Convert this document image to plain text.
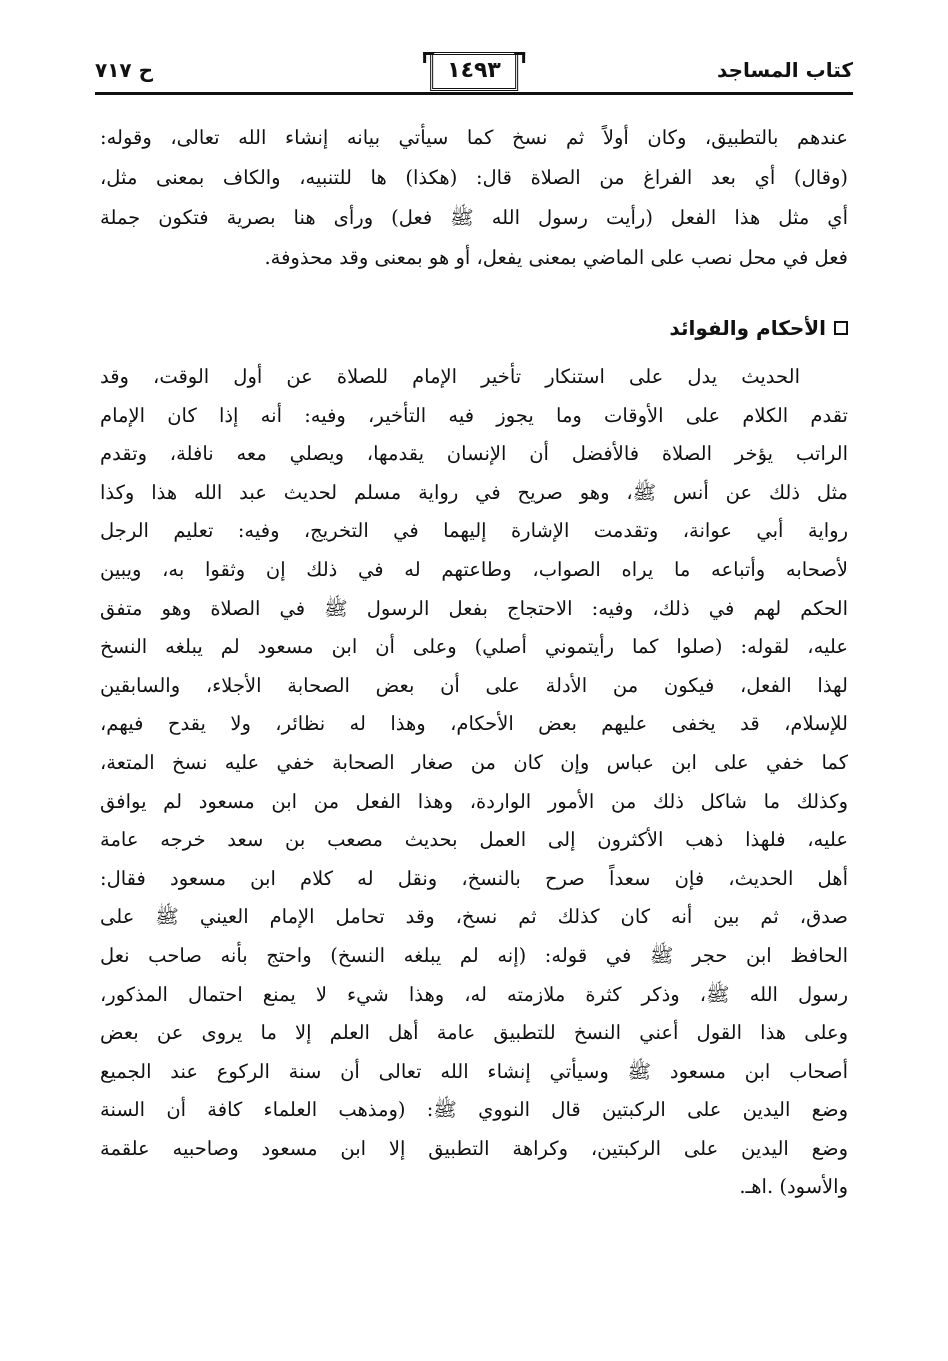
كتاب المساجد
١٤٩٣
ح ٧١٧
عندهم بالتطبيق، وكان أولاً ثم نسخ كما سيأتي بيانه إنشاء الله تعالى، وقوله:
(وقال) أي بعد الفراغ من الصلاة قال: (هكذا) ها للتنبيه، والكاف بمعنى مثل،
أي مثل هذا الفعل (رأيت رسول الله ﷺ فعل) ورأى هنا بصرية فتكون جملة
فعل في محل نصب على الماضي بمعنى يفعل، أو هو بمعنى وقد محذوفة.
الأحكام والفوائد
الحديث يدل على استنكار تأخير الإمام للصلاة عن أول الوقت، وقد
تقدم الكلام على الأوقات وما يجوز فيه التأخير، وفيه: أنه إذا كان الإمام
الراتب يؤخر الصلاة فالأفضل أن الإنسان يقدمها، ويصلي معه نافلة، وتقدم
مثل ذلك عن أنس ﷺ، وهو صريح في رواية مسلم لحديث عبد الله هذا وكذا
رواية أبي عوانة، وتقدمت الإشارة إليهما في التخريج، وفيه: تعليم الرجل
لأصحابه وأتباعه ما يراه الصواب، وطاعتهم له في ذلك إن وثقوا به، ويبين
الحكم لهم في ذلك، وفيه: الاحتجاج بفعل الرسول ﷺ في الصلاة وهو متفق
عليه، لقوله: (صلوا كما رأيتموني أصلي) وعلى أن ابن مسعود لم يبلغه النسخ
لهذا الفعل، فيكون من الأدلة على أن بعض الصحابة الأجلاء، والسابقين
للإسلام، قد يخفى عليهم بعض الأحكام، وهذا له نظائر، ولا يقدح فيهم،
كما خفي على ابن عباس وإن كان من صغار الصحابة خفي عليه نسخ المتعة،
وكذلك ما شاكل ذلك من الأمور الواردة، وهذا الفعل من ابن مسعود لم يوافق
عليه، فلهذا ذهب الأكثرون إلى العمل بحديث مصعب بن سعد خرجه عامة
أهل الحديث، فإن سعداً صرح بالنسخ، ونقل له كلام ابن مسعود فقال:
صدق، ثم بين أنه كان كذلك ثم نسخ، وقد تحامل الإمام العيني ﷺ على
الحافظ ابن حجر ﷺ في قوله: (إنه لم يبلغه النسخ) واحتج بأنه صاحب نعل
رسول الله ﷺ، وذكر كثرة ملازمته له، وهذا شيء لا يمنع احتمال المذكور،
وعلى هذا القول أعني النسخ للتطبيق عامة أهل العلم إلا ما يروى عن بعض
أصحاب ابن مسعود ﷺ وسيأتي إنشاء الله تعالى أن سنة الركوع عند الجميع
وضع اليدين على الركبتين قال النووي ﷺ: (ومذهب العلماء كافة أن السنة
وضع اليدين على الركبتين، وكراهة التطبيق إلا ابن مسعود وصاحبيه علقمة
والأسود) .اهـ.
